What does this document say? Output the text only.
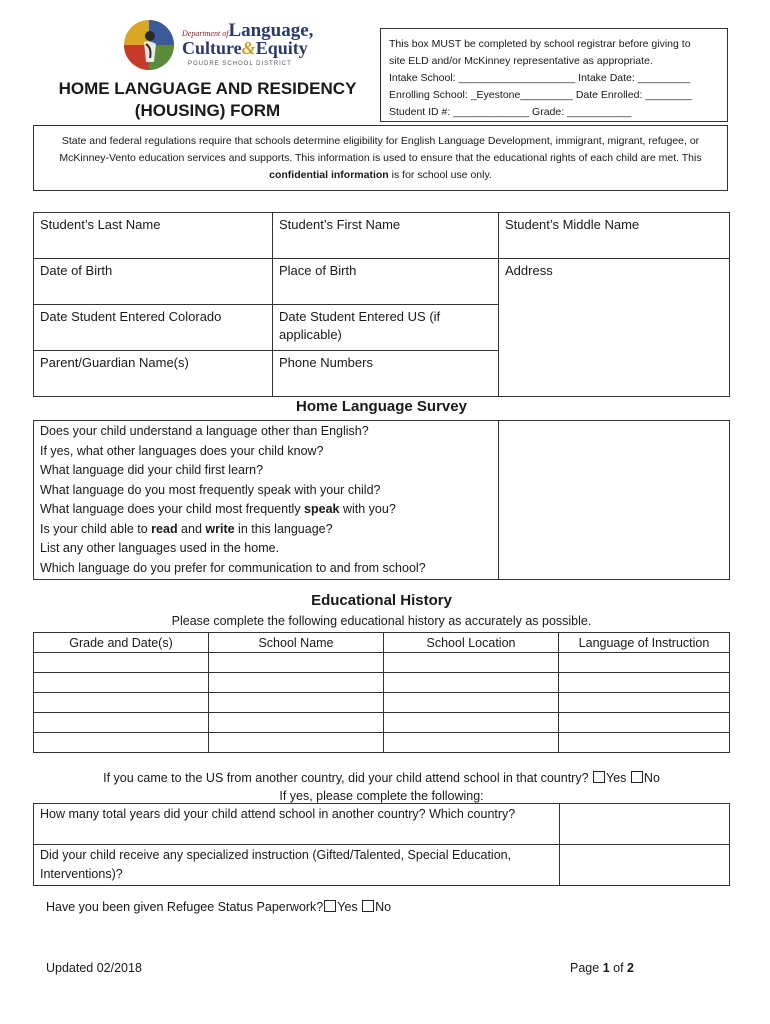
Department ofLanguage,
Culture&Equity
POUDRE SCHOOL DISTRICT
HOME LANGUAGE AND RESIDENCY
(HOUSING) FORM
This box MUST be completed by school registrar before giving to
site ELD and/or McKinney representative as appropriate.
Intake School: ____________________ Intake Date: _________
Enrolling School: _Eyestone_________ Date Enrolled: ________
Student ID #: _____________ Grade: ___________
State and federal regulations require that schools determine eligibility for English Language Development, immigrant, migrant, refugee, or McKinney-Vento education services and supports. This information is used to ensure that the educational rights of each child are met. This confidential information is for school use only.
Student’s Last Name	Student’s First Name	Student’s Middle Name
Date of Birth	Place of Birth	Address
Date Student Entered Colorado	Date Student Entered US (if applicable)	
Parent/Guardian Name(s)	Phone Numbers	
Home Language Survey
Does your child understand a language other than English?
If yes, what other languages does your child know?
What language did your child first learn?
What language do you most frequently speak with your child?
What language does your child most frequently speak with you?
Is your child able to read and write in this language?
List any other languages used in the home.
Which language do you prefer for communication to and from school?

Educational History
Please complete the following educational history as accurately as possible.
Grade and Date(s)	School Name	School Location	Language of Instruction

If you came to the US from another country, did your child attend school in that country? Yes No
If yes, please complete the following:
How many total years did your child attend school in another country? Which country?	
Did your child receive any specialized instruction (Gifted/Talented, Special Education, Interventions)?	
Have you been given Refugee Status Paperwork? Yes No
Updated 02/2018	Page 1 of 2
